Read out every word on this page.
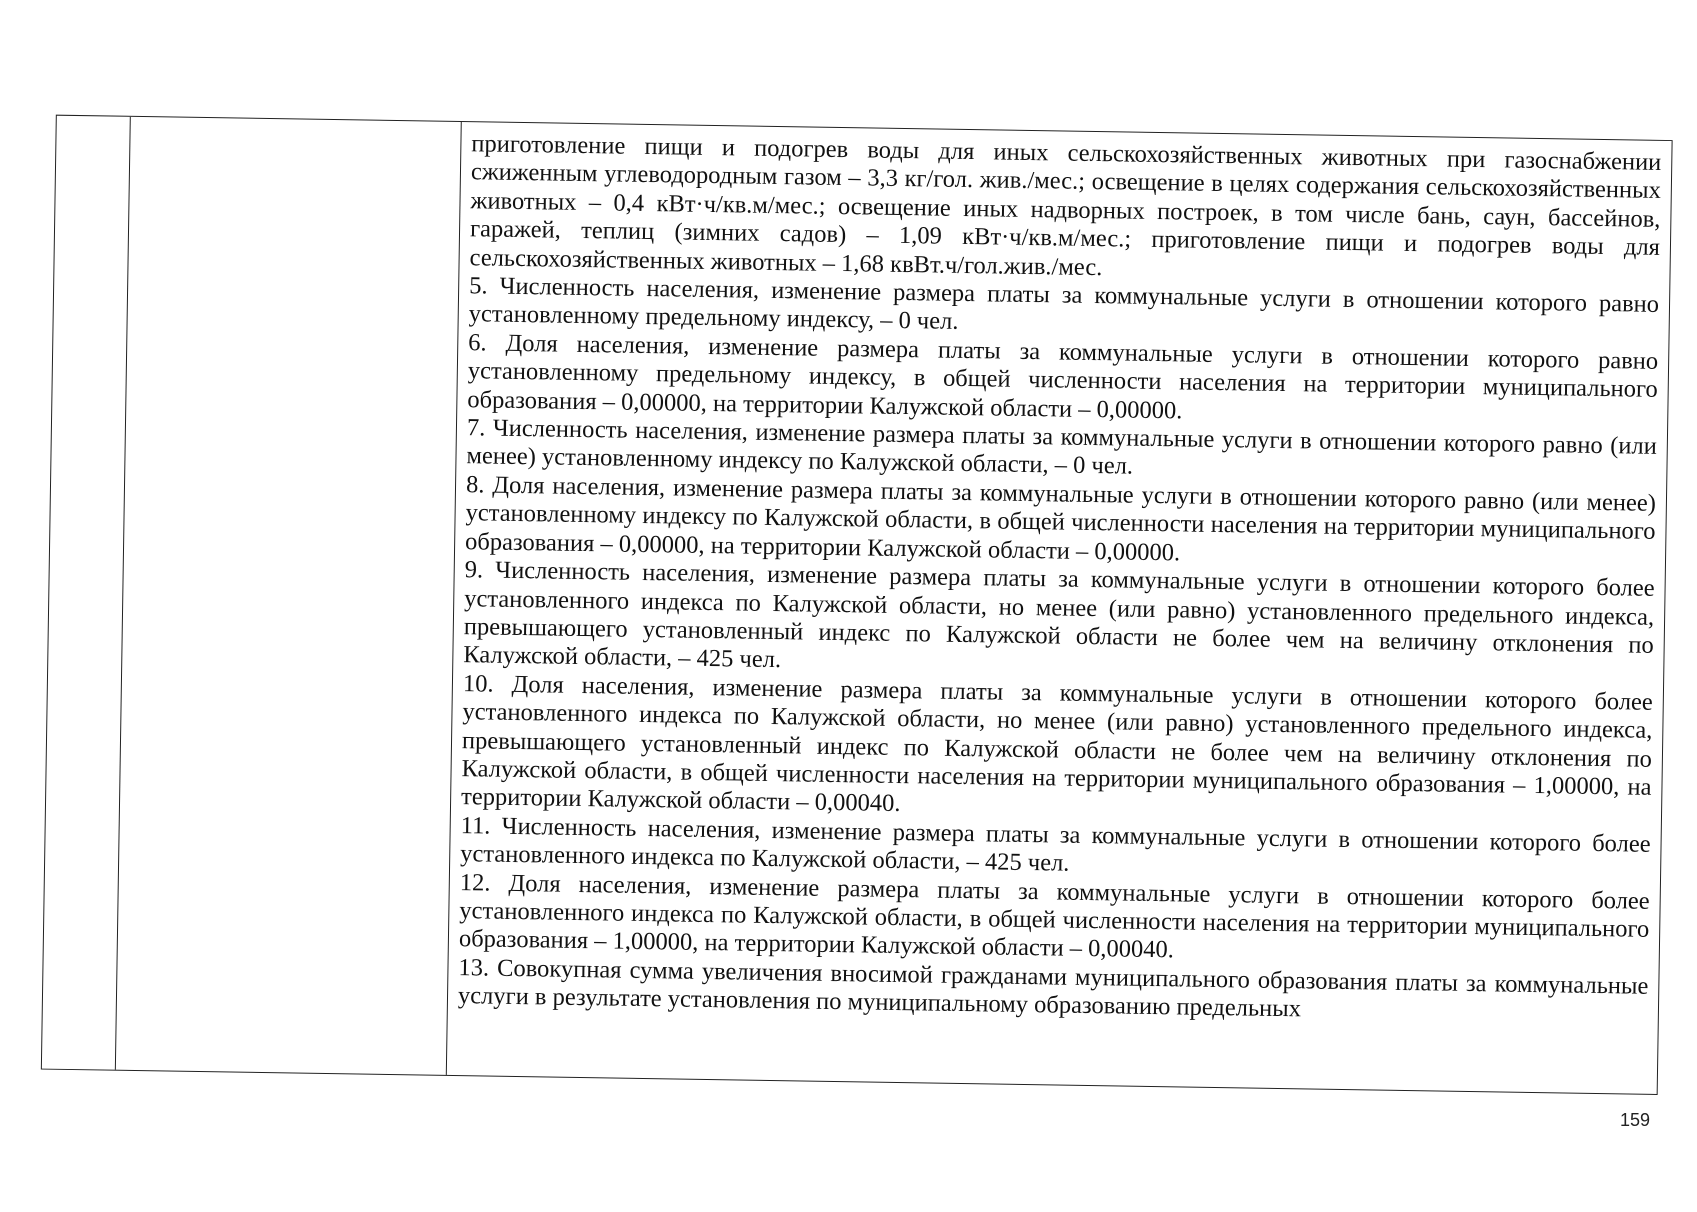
приготовление пищи и подогрев воды для иных сельскохозяйственных животных при газоснабжении сжиженным углеводородным газом – 3,3 кг/гол. жив./мес.; освещение в целях содержания сельскохозяйственных животных – 0,4 кВт·ч/кв.м/мес.; освещение иных надворных построек, в том числе бань, саун, бассейнов, гаражей, теплиц (зимних садов) – 1,09 кВт·ч/кв.м/мес.; приготовление пищи и подогрев воды для сельскохозяйственных животных – 1,68 квВт.ч/гол.жив./мес.

5. Численность населения, изменение размера платы за коммунальные услуги в отношении которого равно установленному предельному индексу, – 0 чел.

6. Доля населения, изменение размера платы за коммунальные услуги в отношении которого равно установленному предельному индексу, в общей численности населения на территории муниципального образования – 0,00000, на территории Калужской области – 0,00000.

7. Численность населения, изменение размера платы за коммунальные услуги в отношении которого равно (или менее) установленному индексу по Калужской области, – 0 чел.

8. Доля населения, изменение размера платы за коммунальные услуги в отношении которого равно (или менее) установленному индексу по Калужской области, в общей численности населения на территории муниципального образования – 0,00000, на территории Калужской области – 0,00000.

9. Численность населения, изменение размера платы за коммунальные услуги в отношении которого более установленного индекса по Калужской области, но менее (или равно) установленного предельного индекса, превышающего установленный индекс по Калужской области не более чем на величину отклонения по Калужской области, – 425 чел.

10. Доля населения, изменение размера платы за коммунальные услуги в отношении которого более установленного индекса по Калужской области, но менее (или равно) установленного предельного индекса, превышающего установленный индекс по Калужской области не более чем на величину отклонения по Калужской области, в общей численности населения на территории муниципального образования – 1,00000, на территории Калужской области – 0,00040.

11. Численность населения, изменение размера платы за коммунальные услуги в отношении которого более установленного индекса по Калужской области, – 425 чел.

12. Доля населения, изменение размера платы за коммунальные услуги в отношении которого более установленного индекса по Калужской области, в общей численности населения на территории муниципального образования – 1,00000, на территории Калужской области – 0,00040.

13. Совокупная сумма увеличения вносимой гражданами муниципального образования платы за коммунальные услуги в результате установления по муниципальному образованию предельных

159
